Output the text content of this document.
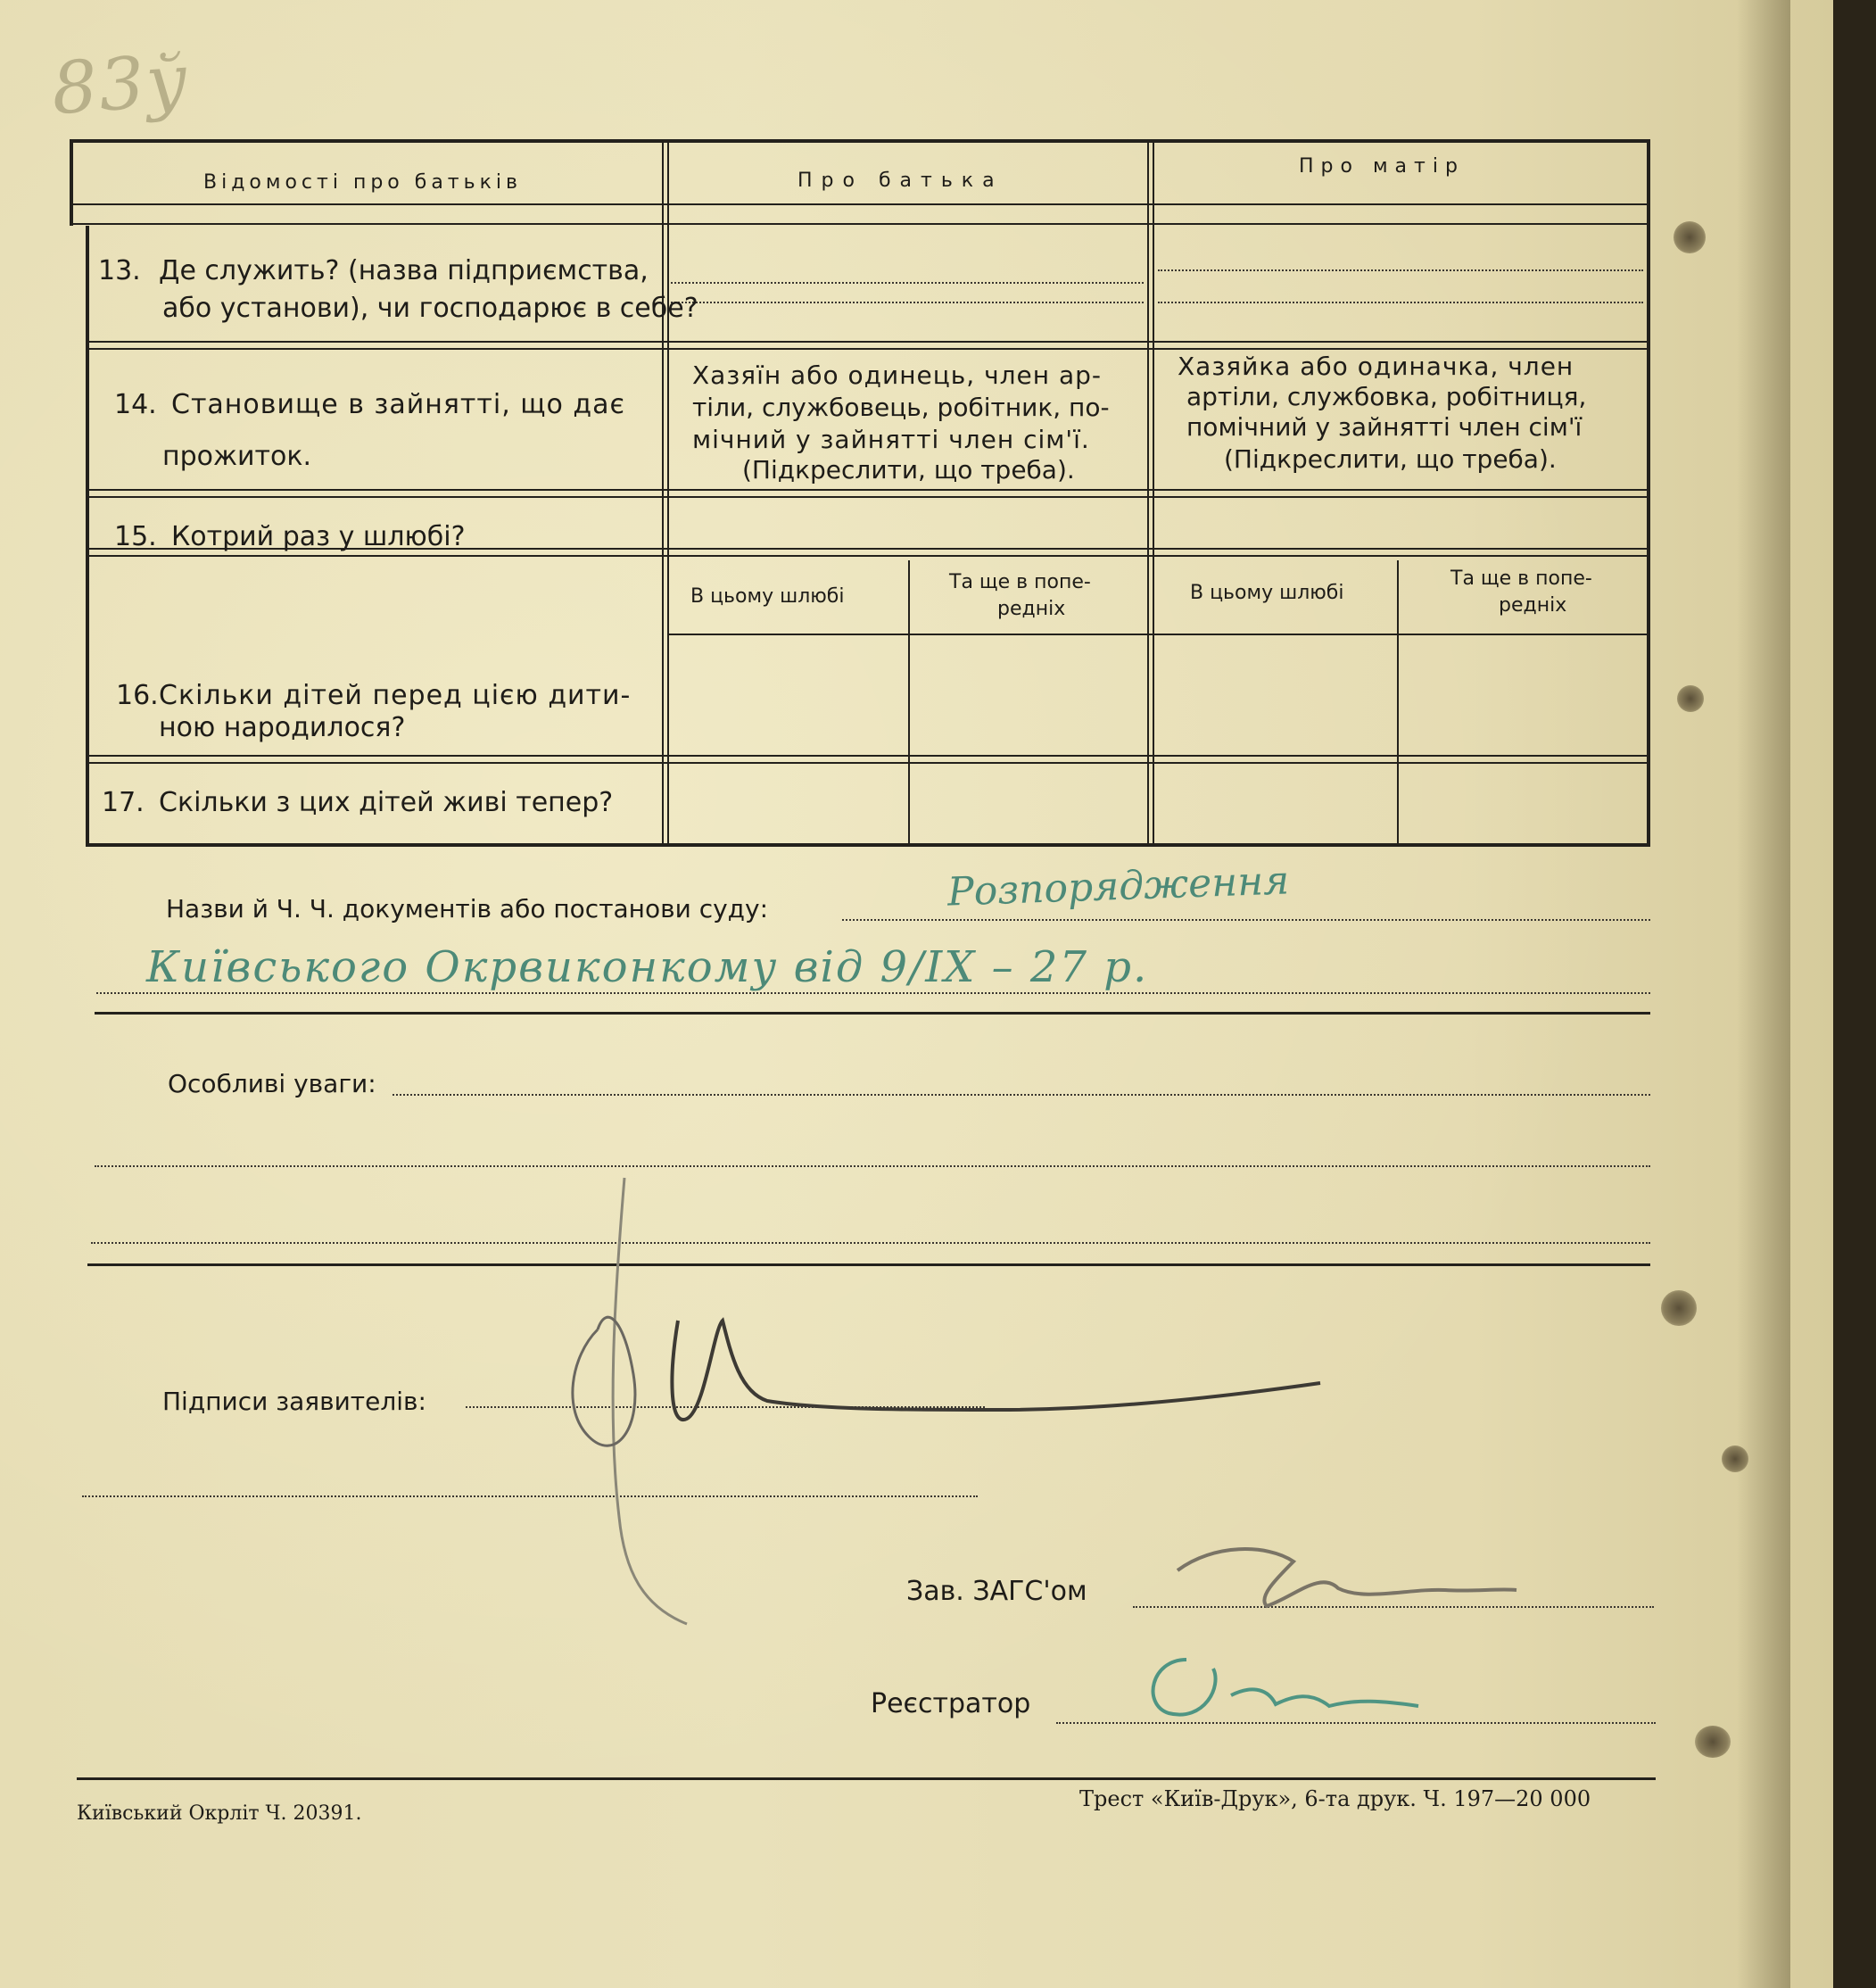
83ў
Відомості про батьків	Про батька
Про матір
13. Де служить? (назва підприємства,
або установи), чи господарює в себе?
14. Становище в зайнятті, що дає
прожиток.
Хазяїн або одинець, член ар-
тіли, службовець, робітник, по-
мічний у зайнятті член сім'ї.
(Підкреслити, що треба).
Хазяйка або одиначка, член
артіли, службовка, робітниця,
помічний у зайнятті член сім'ї
(Підкреслити, що треба).
15. Котрий раз у шлюбі?
В цьому шлюбі
Та ще в попе-
редніх
В цьому шлюбі
Та ще в попе-
редніх
16. Скільки дітей перед цією дити-
ною народилося?
17. Скільки з цих дітей живі тепер?
Назви й Ч. Ч. документів або постанови суду:	Розпорядження
Київського Окрвиконкому від 9/IX – 27 р.
Особливі уваги:
Підписи заявителів:
Зав. ЗАГС'ом
Реєстратор
Київський Окрліт Ч. 20391.
Трест «Київ-Друк», 6-та друк. Ч. 197—20 000
